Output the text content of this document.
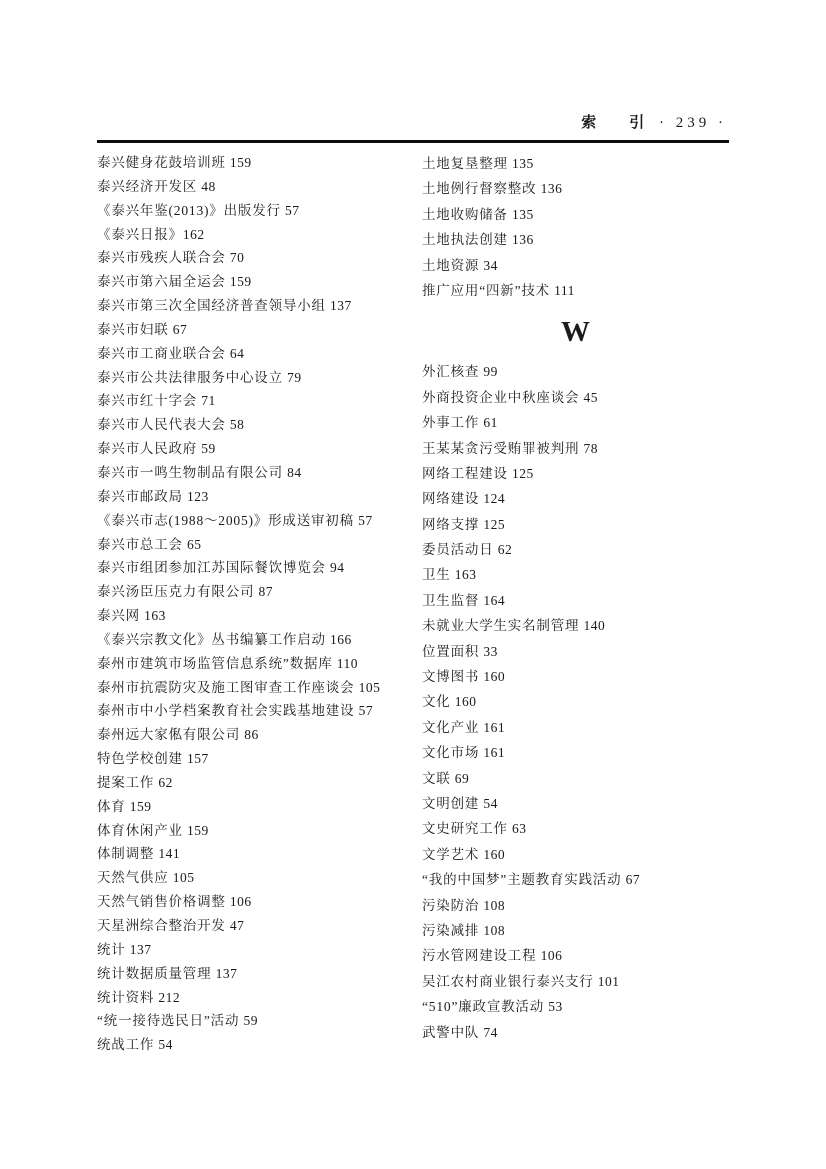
索　引 · 239 ·
泰兴健身花鼓培训班 159
泰兴经济开发区 48
《泰兴年鉴(2013)》出版发行 57
《泰兴日报》162
泰兴市残疾人联合会 70
泰兴市第六届全运会 159
泰兴市第三次全国经济普查领导小组 137
泰兴市妇联 67
泰兴市工商业联合会 64
泰兴市公共法律服务中心设立 79
泰兴市红十字会 71
泰兴市人民代表大会 58
泰兴市人民政府 59
泰兴市一鸣生物制品有限公司 84
泰兴市邮政局 123
《泰兴市志(1988～2005)》形成送审初稿 57
泰兴市总工会 65
泰兴市组团参加江苏国际餐饮博览会 94
泰兴汤臣压克力有限公司 87
泰兴网 163
《泰兴宗教文化》丛书编纂工作启动 166
泰州市建筑市场监管信息系统”数据库 110
泰州市抗震防灾及施工图审查工作座谈会 105
泰州市中小学档案教育社会实践基地建设 57
泰州远大家俬有限公司 86
特色学校创建 157
提案工作 62
体育 159
体育休闲产业 159
体制调整 141
天然气供应 105
天然气销售价格调整 106
天星洲综合整治开发 47
统计 137
统计数据质量管理 137
统计资料 212
“统一接待选民日”活动 59
统战工作 54
土地复垦整理 135
土地例行督察整改 136
土地收购储备 135
土地执法创建 136
土地资源 34
推广应用“四新”技术 111
W
外汇核查 99
外商投资企业中秋座谈会 45
外事工作 61
王某某贪污受贿罪被判刑 78
网络工程建设 125
网络建设 124
网络支撑 125
委员活动日 62
卫生 163
卫生监督 164
未就业大学生实名制管理 140
位置面积 33
文博图书 160
文化 160
文化产业 161
文化市场 161
文联 69
文明创建 54
文史研究工作 63
文学艺术 160
“我的中国梦”主题教育实践活动 67
污染防治 108
污染减排 108
污水管网建设工程 106
吴江农村商业银行泰兴支行 101
“510”廉政宣教活动 53
武警中队 74
